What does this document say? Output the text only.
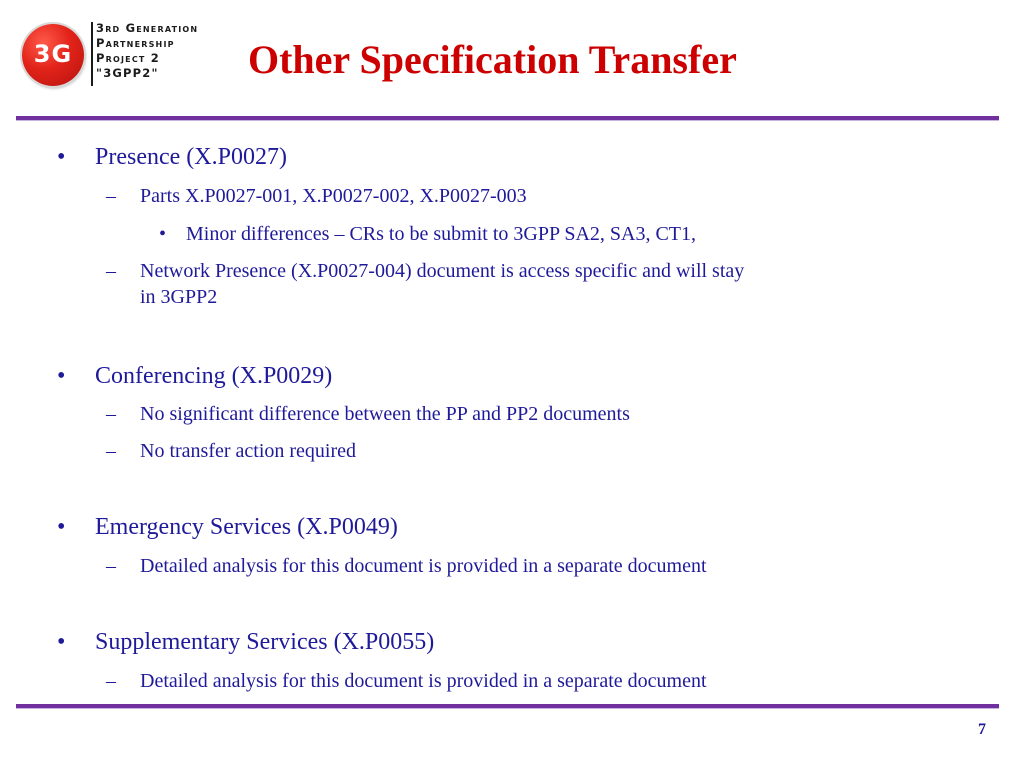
3G
3rd Generation
Partnership
Project 2
"3GPP2"	Other Specification Transfer
• Presence (X.P0027)
– Parts X.P0027-001, X.P0027-002, X.P0027-003
• Minor differences – CRs to be submit to 3GPP SA2, SA3, CT1,
– Network Presence (X.P0027-004) document is access specific and will stay
in 3GPP2
• Conferencing (X.P0029)
– No significant difference between the PP and PP2 documents
– No transfer action required
• Emergency Services (X.P0049)
– Detailed analysis for this document is provided in a separate document
• Supplementary Services (X.P0055)
– Detailed analysis for this document is provided in a separate document
7
